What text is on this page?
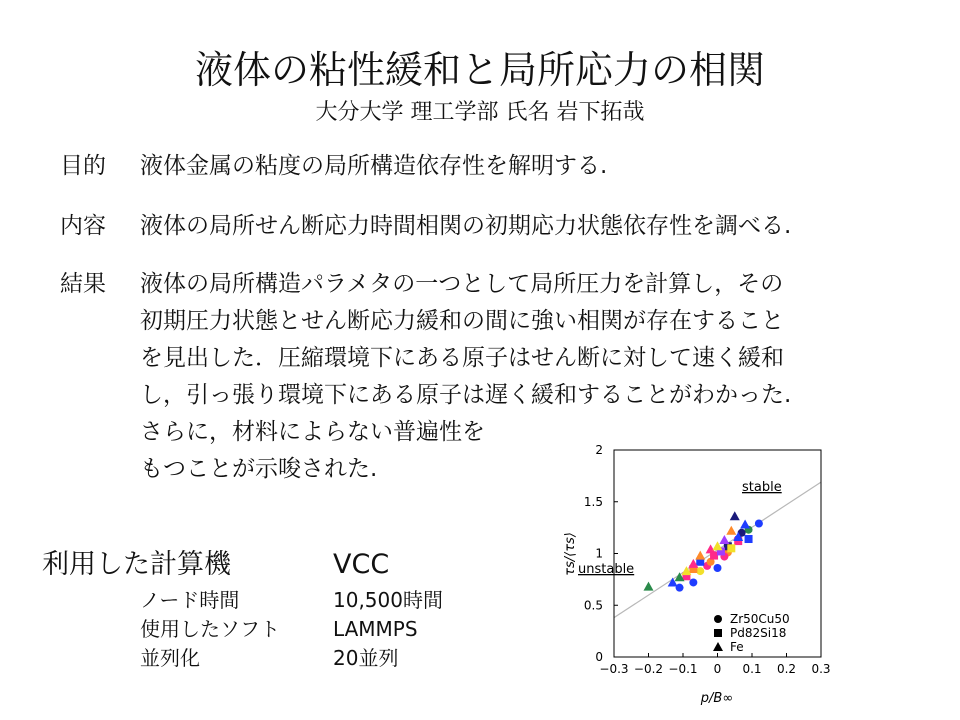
液体の粘性緩和と局所応力の相関
大分大学 理工学部 氏名 岩下拓哉
目的	液体金属の粘度の局所構造依存性を解明する.
内容	液体の局所せん断応力時間相関の初期応力状態依存性を調べる.
結果	液体の局所構造パラメタの一つとして局所圧力を計算し，その
初期圧力状態とせん断応力緩和の間に強い相関が存在すること
を見出した．圧縮環境下にある原子はせん断に対して速く緩和
し，引っ張り環境下にある原子は遅く緩和することがわかった.
さらに，材料によらない普遍性を
もつことが示唆された.
利用した計算機	VCC
ノード時間	10,500時間
使用したソフト	LAMMPS
並列化	20並列	−0.3 −0.2 −0.1 0 0.1 0.2 0.3
0
0.5
1
1.5
2
stable
unstable
p/B∞
τs/⟨τs⟩
Zr50Cu50
Pd82Si18
Fe
